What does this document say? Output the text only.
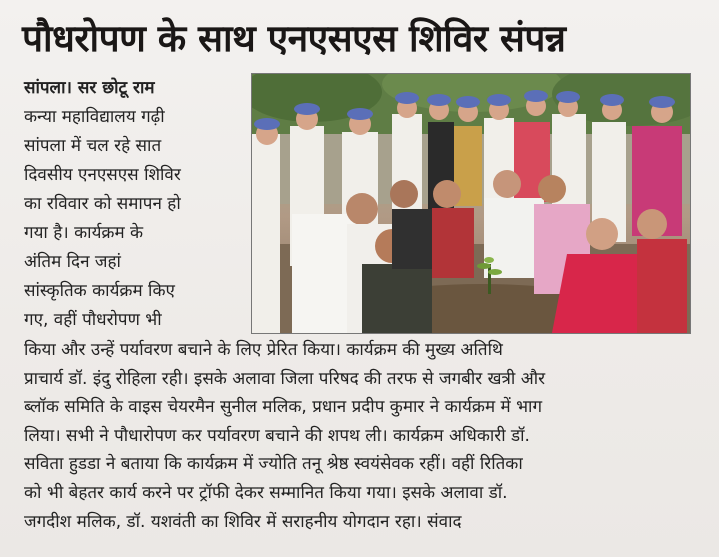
पौधरोपण के साथ एनएसएस शिविर संपन्न
सांपला। सर छोटू राम
कन्या महाविद्यालय गढ़ी
सांपला में चल रहे सात
दिवसीय एनएसएस शिविर
का रविवार को समापन हो
गया है। कार्यक्रम के
अंतिम दिन जहां
सांस्कृतिक कार्यक्रम किए
गए, वहीं पौधरोपण भी
किया और उन्हें पर्यावरण बचाने के लिए प्रेरित किया। कार्यक्रम की मुख्य अतिथि
प्राचार्य डॉ. इंदु रोहिला रही। इसके अलावा जिला परिषद की तरफ से जगबीर खत्री और
ब्लॉक समिति के वाइस चेयरमैन सुनील मलिक, प्रधान प्रदीप कुमार ने कार्यक्रम में भाग
लिया। सभी ने पौधारोपण कर पर्यावरण बचाने की शपथ ली। कार्यक्रम अधिकारी डॉ.
सविता हुडडा ने बताया कि कार्यक्रम में ज्योति तनू श्रेष्ठ स्वयंसेवक रहीं। वहीं रितिका
को भी बेहतर कार्य करने पर ट्रॉफी देकर सम्मानित किया गया। इसके अलावा डॉ.
जगदीश मलिक, डॉ. यशवंती का शिविर में सराहनीय योगदान रहा। संवाद
